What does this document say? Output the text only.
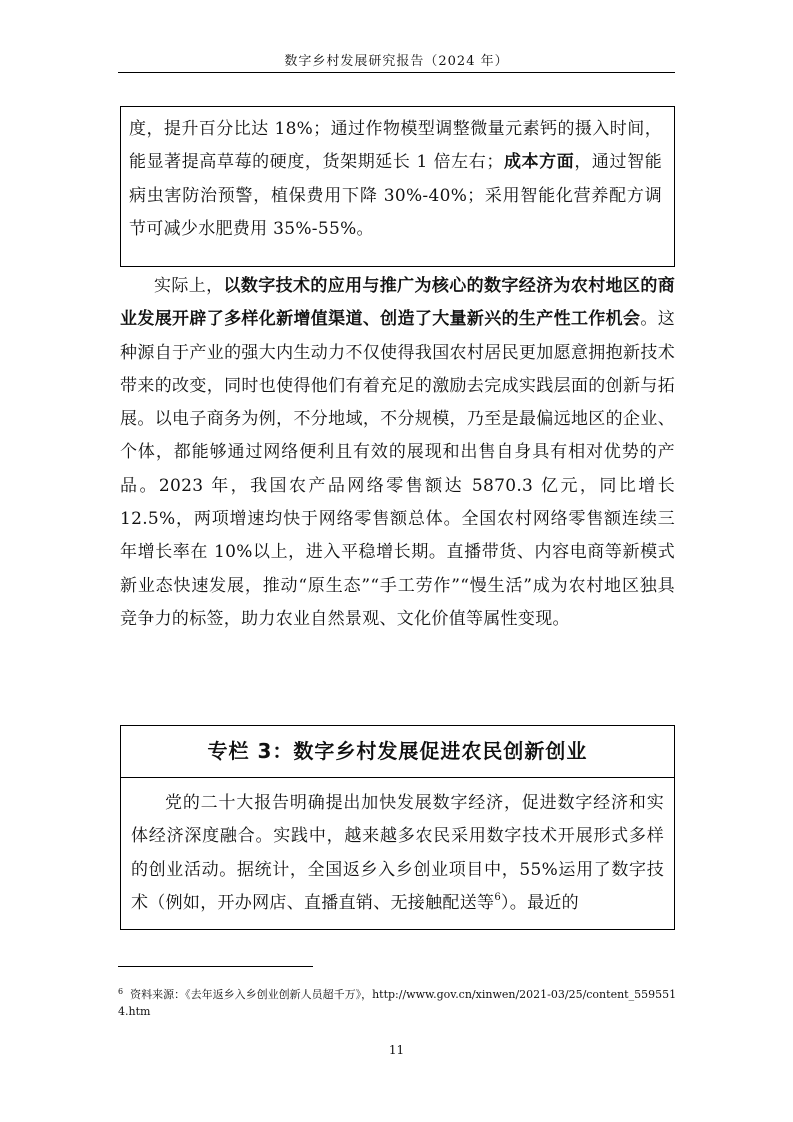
数字乡村发展研究报告（2024 年）

度，提升百分比达 18%；通过作物模型调整微量元素钙的摄入时间，能显著提高草莓的硬度，货架期延长 1 倍左右；成本方面，通过智能病虫害防治预警，植保费用下降 30%-40%；采用智能化营养配方调节可减少水肥费用 35%-55%。

实际上，以数字技术的应用与推广为核心的数字经济为农村地区的商业发展开辟了多样化新增值渠道、创造了大量新兴的生产性工作机会。这种源自于产业的强大内生动力不仅使得我国农村居民更加愿意拥抱新技术带来的改变，同时也使得他们有着充足的激励去完成实践层面的创新与拓展。以电子商务为例，不分地域，不分规模，乃至是最偏远地区的企业、个体，都能够通过网络便利且有效的展现和出售自身具有相对优势的产品。2023 年，我国农产品网络零售额达 5870.3 亿元，同比增长 12.5%，两项增速均快于网络零售额总体。全国农村网络零售额连续三年增长率在 10%以上，进入平稳增长期。直播带货、内容电商等新模式新业态快速发展，推动“原生态”“手工劳作”“慢生活”成为农村地区独具竞争力的标签，助力农业自然景观、文化价值等属性变现。

专栏 3：数字乡村发展促进农民创新创业

党的二十大报告明确提出加快发展数字经济，促进数字经济和实体经济深度融合。实践中，越来越多农民采用数字技术开展形式多样的创业活动。据统计，全国返乡入乡创业项目中，55%运用了数字技术（例如，开办网店、直播直销、无接触配送等$^6$）。最近的

$^6$ 资料来源：《去年返乡入乡创业创新人员超千万》，http://www.gov.cn/xinwen/2021-03/25/content_5595514.htm
11
